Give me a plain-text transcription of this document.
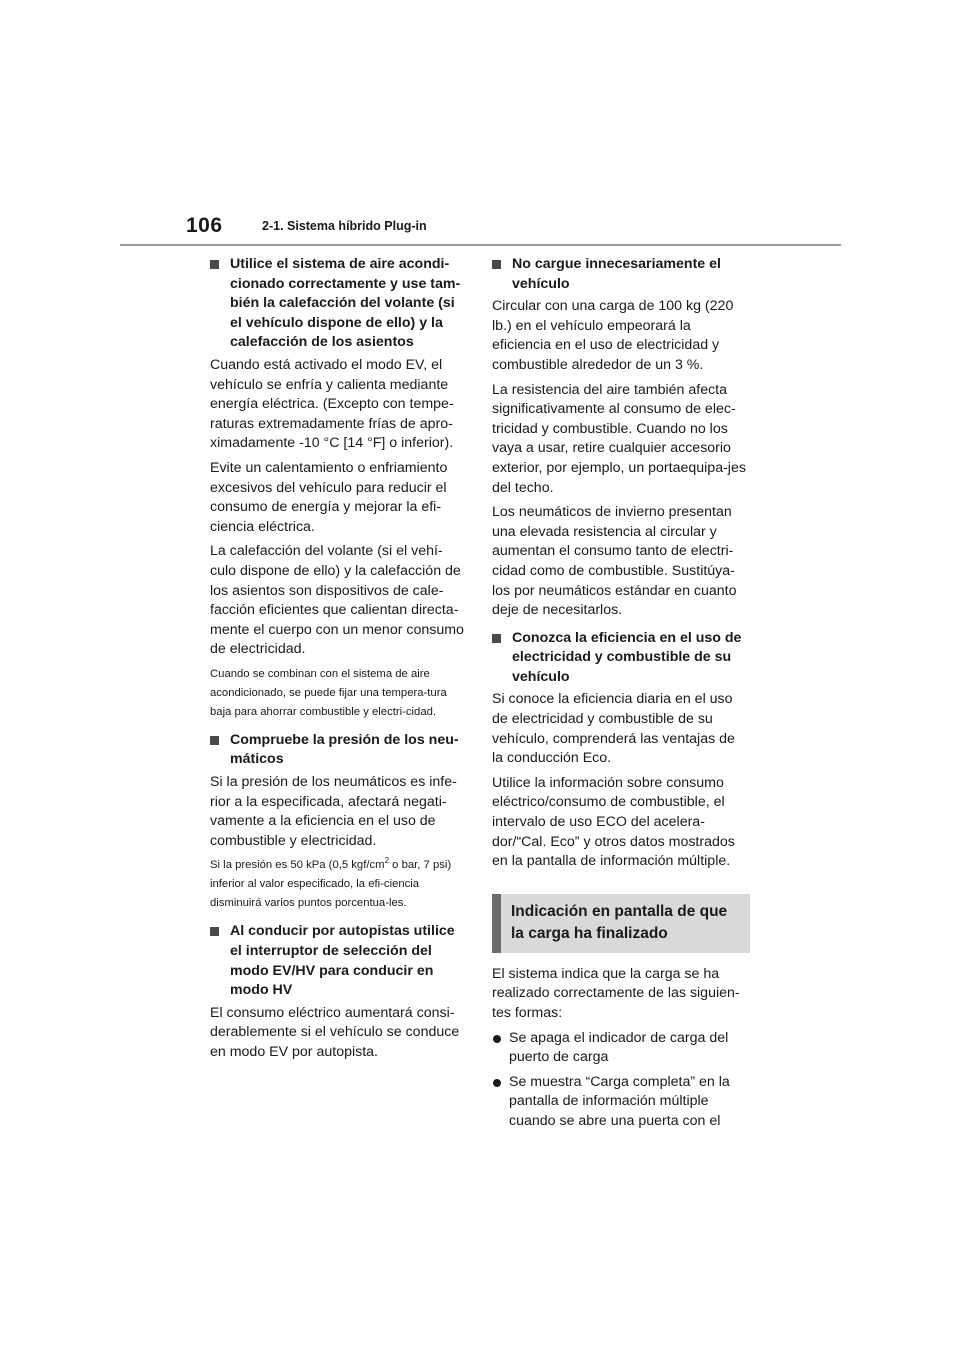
106	2-1. Sistema híbrido Plug-in
Utilice el sistema de aire acondi-cionado correctamente y use tam-bién la calefacción del volante (si el vehículo dispone de ello) y la calefacción de los asientos

Cuando está activado el modo EV, el vehículo se enfría y calienta mediante energía eléctrica. (Excepto con tempe-raturas extremadamente frías de apro-ximadamente -10 °C [14 °F] o inferior).

Evite un calentamiento o enfriamiento excesivos del vehículo para reducir el consumo de energía y mejorar la efi-ciencia eléctrica.

La calefacción del volante (si el vehí-culo dispone de ello) y la calefacción de los asientos son dispositivos de cale-facción eficientes que calientan directa-mente el cuerpo con un menor consumo de electricidad.

Cuando se combinan con el sistema de aire acondicionado, se puede fijar una tempera-tura baja para ahorrar combustible y electri-cidad.

Compruebe la presión de los neu-máticos

Si la presión de los neumáticos es infe-rior a la especificada, afectará negati-vamente a la eficiencia en el uso de combustible y electricidad.

Si la presión es 50 kPa (0,5 kgf/$cm^2$ o bar, 7 psi) inferior al valor especificado, la efi-ciencia disminuirá varios puntos porcentua-les.

Al conducir por autopistas utilice el interruptor de selección del modo EV/HV para conducir en modo HV

El consumo eléctrico aumentará consi-derablemente si el vehículo se conduce en modo EV por autopista.

No cargue innecesariamente el vehículo

Circular con una carga de 100 kg (220 lb.) en el vehículo empeorará la eficiencia en el uso de electricidad y combustible alrededor de un 3 %.

La resistencia del aire también afecta significativamente al consumo de elec-tricidad y combustible. Cuando no los vaya a usar, retire cualquier accesorio exterior, por ejemplo, un portaequipa-jes del techo.

Los neumáticos de invierno presentan una elevada resistencia al circular y aumentan el consumo tanto de electri-cidad como de combustible. Sustitúya-los por neumáticos estándar en cuanto deje de necesitarlos.

Conozca la eficiencia en el uso de electricidad y combustible de su vehículo

Si conoce la eficiencia diaria en el uso de electricidad y combustible de su vehículo, comprenderá las ventajas de la conducción Eco.

Utilice la información sobre consumo eléctrico/consumo de combustible, el intervalo de uso ECO del acelera-dor/“Cal. Eco” y otros datos mostrados en la pantalla de información múltiple.

Indicación en pantalla de que la carga ha finalizado

El sistema indica que la carga se ha realizado correctamente de las siguien-tes formas:

Se apaga el indicador de carga del puerto de carga
Se muestra “Carga completa” en la pantalla de información múltiple cuando se abre una puerta con el
